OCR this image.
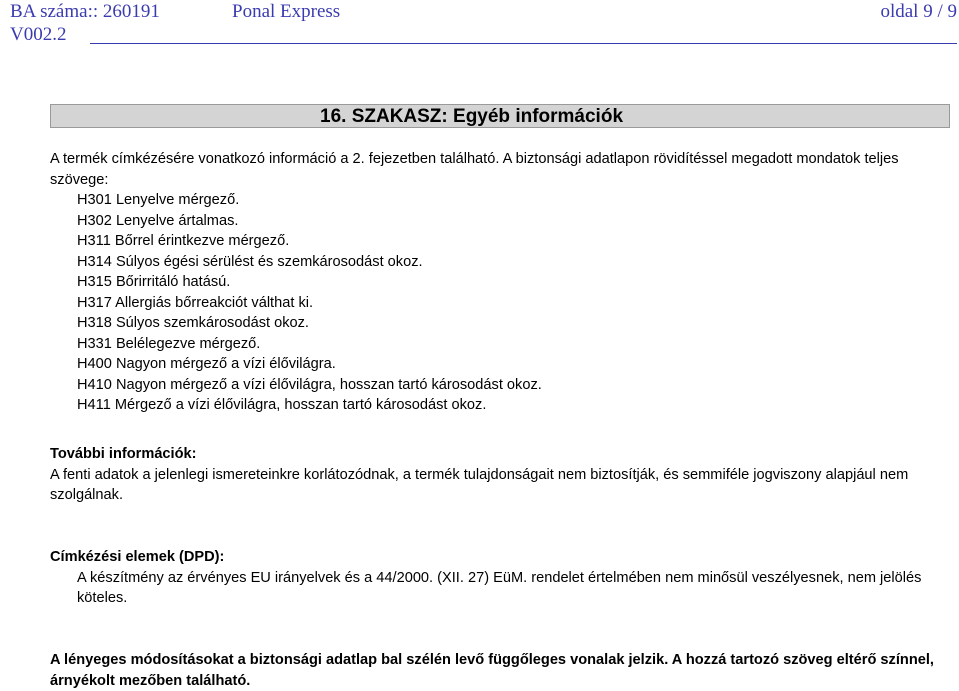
BA száma:: 260191	Ponal Express	oldal 9 / 9
V002.2
16. SZAKASZ: Egyéb információk
A termék címkézésére vonatkozó információ a 2. fejezetben található. A biztonsági adatlapon rövidítéssel megadott mondatok teljes szövege:
H301 Lenyelve mérgező.
H302 Lenyelve ártalmas.
H311 Bőrrel érintkezve mérgező.
H314 Súlyos égési sérülést és szemkárosodást okoz.
H315 Bőrirritáló hatású.
H317 Allergiás bőrreakciót válthat ki.
H318 Súlyos szemkárosodást okoz.
H331 Belélegezve mérgező.
H400 Nagyon mérgező a vízi élővilágra.
H410 Nagyon mérgező a vízi élővilágra, hosszan tartó károsodást okoz.
H411 Mérgező a vízi élővilágra, hosszan tartó károsodást okoz.
További információk:
A fenti adatok a jelenlegi ismereteinkre korlátozódnak, a termék tulajdonságait nem biztosítják, és semmiféle jogviszony alapjául nem szolgálnak.
Címkézési elemek (DPD):
A készítmény az érvényes EU irányelvek és a 44/2000. (XII. 27) EüM. rendelet értelmében nem minősül veszélyesnek, nem jelölés köteles.
A lényeges módosításokat a biztonsági adatlap bal szélén levő függőleges vonalak jelzik. A hozzá tartozó szöveg eltérő színnel, árnyékolt mezőben található.
